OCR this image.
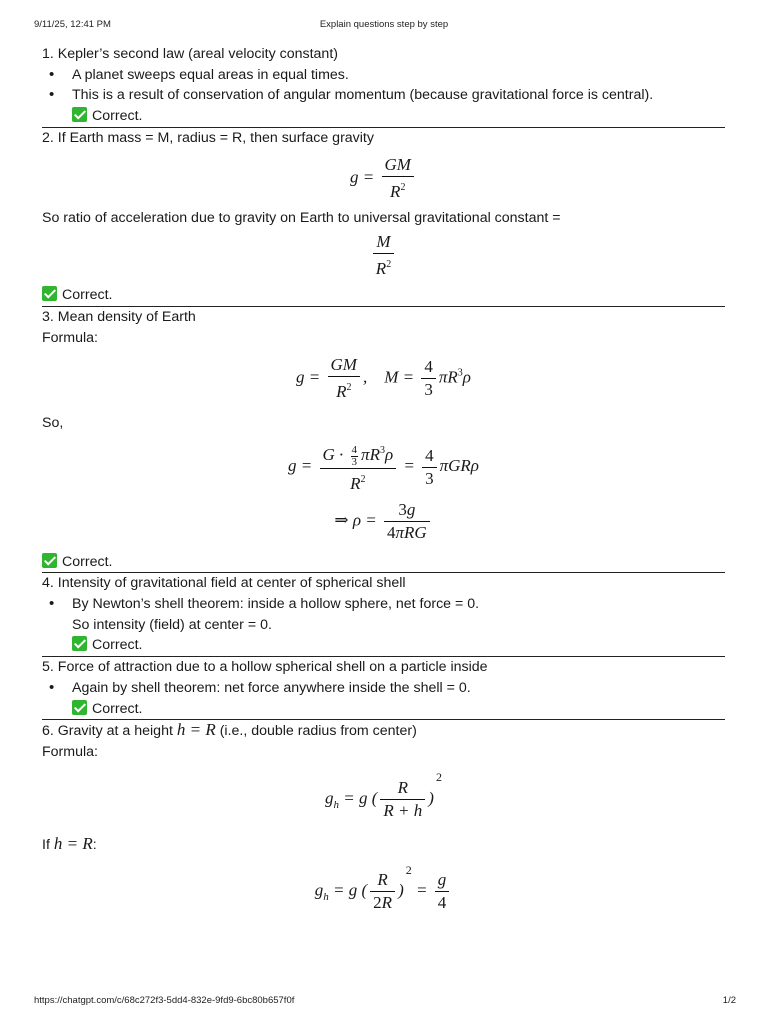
9/11/25, 12:41 PM	Explain questions step by step
1. Kepler’s second law (areal velocity constant)
• A planet sweeps equal areas in equal times.
• This is a result of conservation of angular momentum (because gravitational force is central).
Correct.
2. If Earth mass = M, radius = R, then surface gravity
$g = \frac{GM}{R^2}$
So ratio of acceleration due to gravity on Earth to universal gravitational constant =
$\frac{M}{R^2}$
Correct.
3. Mean density of Earth
Formula:
$g = \frac{GM}{R^2}$ ,    $M = \frac{4}{3} \pi R^3\rho$
So,
$g = \frac{G \cdot \frac{4}{3} \pi R^3\rho}{R^2} = \frac{4}{3}$ πGRρ
⇒ $\rho = \frac{3g}{\text{4πRG}}$
Correct.
4. Intensity of gravitational field at center of spherical shell
• By Newton’s shell theorem: inside a hollow sphere, net force = 0.
So intensity (field) at center = 0.
Correct.
5. Force of attraction due to a hollow spherical shell on a particle inside
• Again by shell theorem: net force anywhere inside the shell = 0.
Correct.
6. Gravity at a height h = R (i.e., double radius from center)
Formula:
$g_h = g$ ( $\frac{R}{R + h} )^2$
If h = R:
$g_h = g$ ( $\frac{R}{2R} )^2 = \frac{g}{4}$
https://chatgpt.com/c/68c272f3-5dd4-832e-9fd9-6bc80b657f0f	1/2
